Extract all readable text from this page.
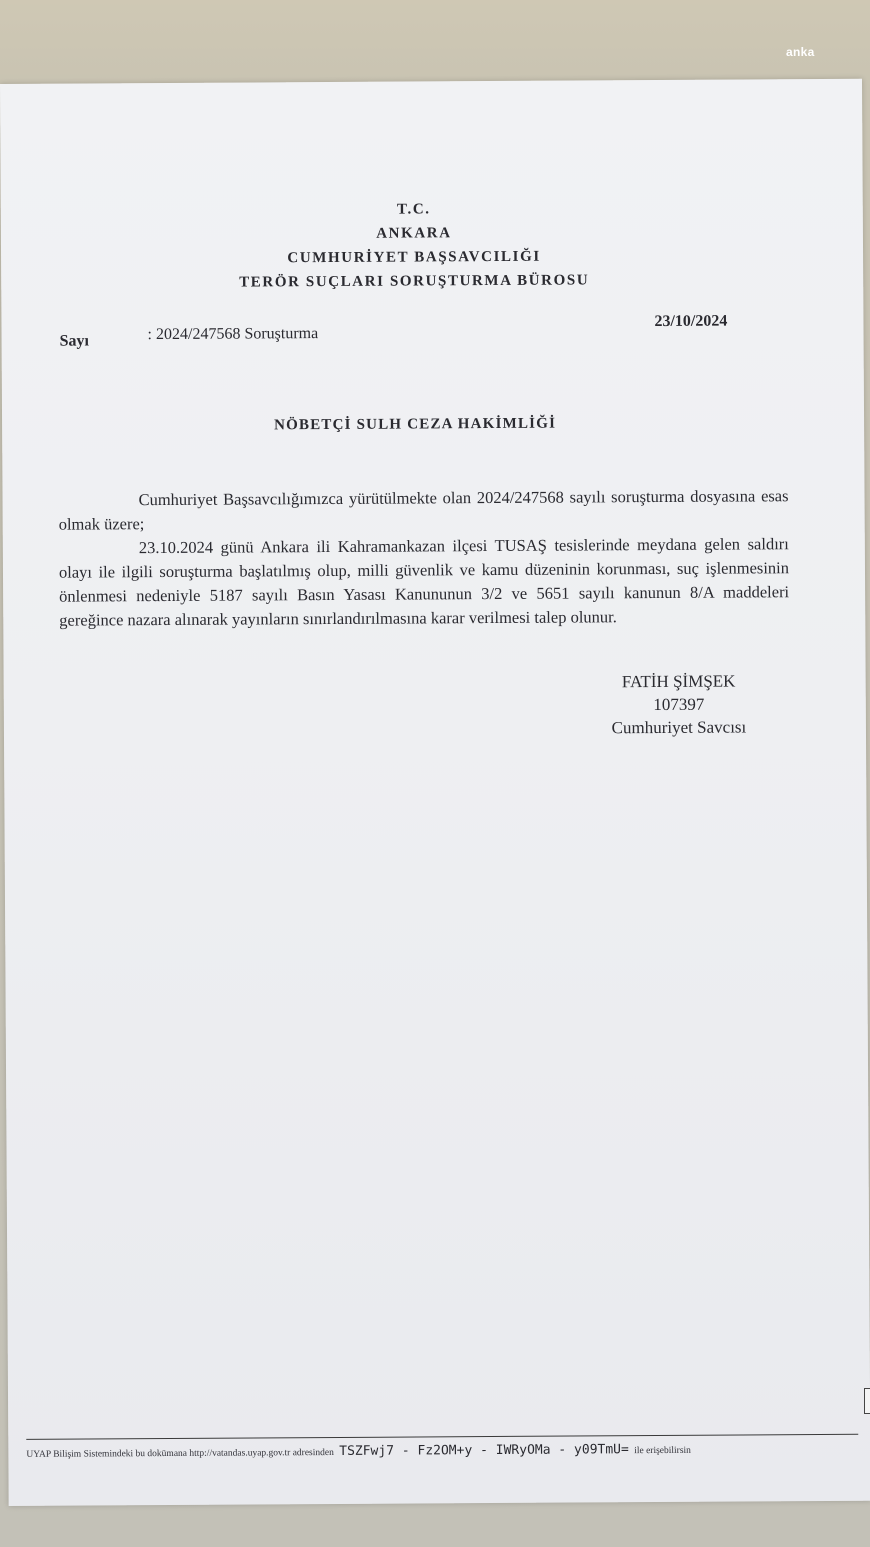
anka
T.C.
ANKARA
CUMHURİYET BAŞSAVCILIĞI
TERÖR SUÇLARI SORUŞTURMA BÜROSU
Sayı	: 2024/247568 Soruşturma
23/10/2024
NÖBETÇİ SULH CEZA HAKİMLİĞİ

Cumhuriyet Başsavcılığımızca yürütülmekte olan 2024/247568 sayılı soruşturma dosyasına esas olmak üzere;

23.10.2024 günü Ankara ili Kahramankazan ilçesi TUSAŞ tesislerinde meydana gelen saldırı olayı ile ilgili soruşturma başlatılmış olup, milli güvenlik ve kamu düzeninin korunması, suç işlenmesinin önlenmesi nedeniyle 5187 sayılı Basın Yasası Kanununun 3/2 ve 5651 sayılı kanunun 8/A maddeleri gereğince nazara alınarak yayınların sınırlandırılmasına karar verilmesi talep olunur.

FATİH ŞİMŞEK
107397
Cumhuriyet Savcısı
UYAP Bilişim Sistemindeki bu dokümana http://vatandas.uyap.gov.tr adresinden TSZFwj7 - Fz2OM+y - IWRyOMa - y09TmU= ile erişebilirsin
